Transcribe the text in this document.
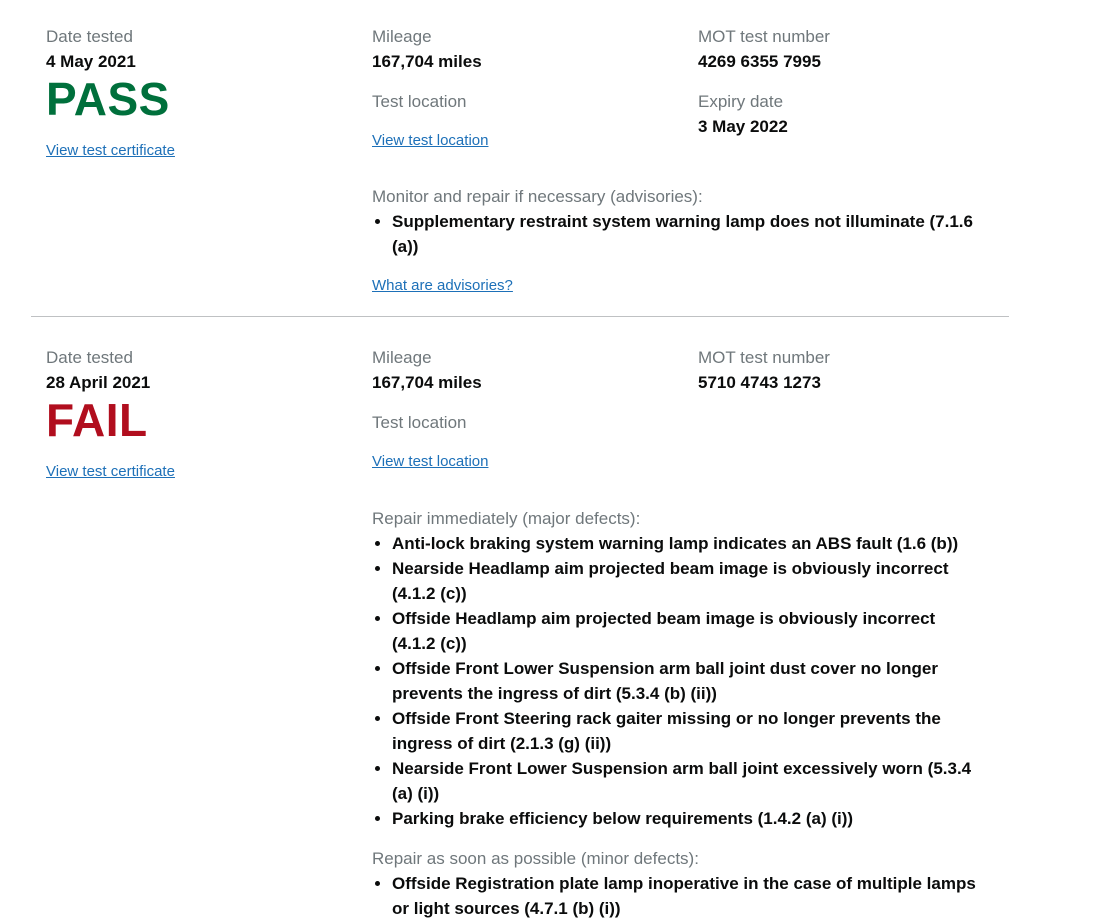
Date tested
4 May 2021
PASS
View test certificate
Mileage
167,704 miles
Test location
View test location
MOT test number
4269 6355 7995
Expiry date
3 May 2022
Monitor and repair if necessary (advisories):
• Supplementary restraint system warning lamp does not illuminate (7.1.6 (a))
What are advisories?
Date tested
28 April 2021
FAIL
View test certificate
Mileage
167,704 miles
Test location
View test location
MOT test number
5710 4743 1273
Repair immediately (major defects):
• Anti-lock braking system warning lamp indicates an ABS fault (1.6 (b))
• Nearside Headlamp aim projected beam image is obviously incorrect (4.1.2 (c))
• Offside Headlamp aim projected beam image is obviously incorrect (4.1.2 (c))
• Offside Front Lower Suspension arm ball joint dust cover no longer prevents the ingress of dirt (5.3.4 (b) (ii))
• Offside Front Steering rack gaiter missing or no longer prevents the ingress of dirt (2.1.3 (g) (ii))
• Nearside Front Lower Suspension arm ball joint excessively worn (5.3.4 (a) (i))
• Parking brake efficiency below requirements (1.4.2 (a) (i))
Repair as soon as possible (minor defects):
• Offside Registration plate lamp inoperative in the case of multiple lamps or light sources (4.7.1 (b) (i))
